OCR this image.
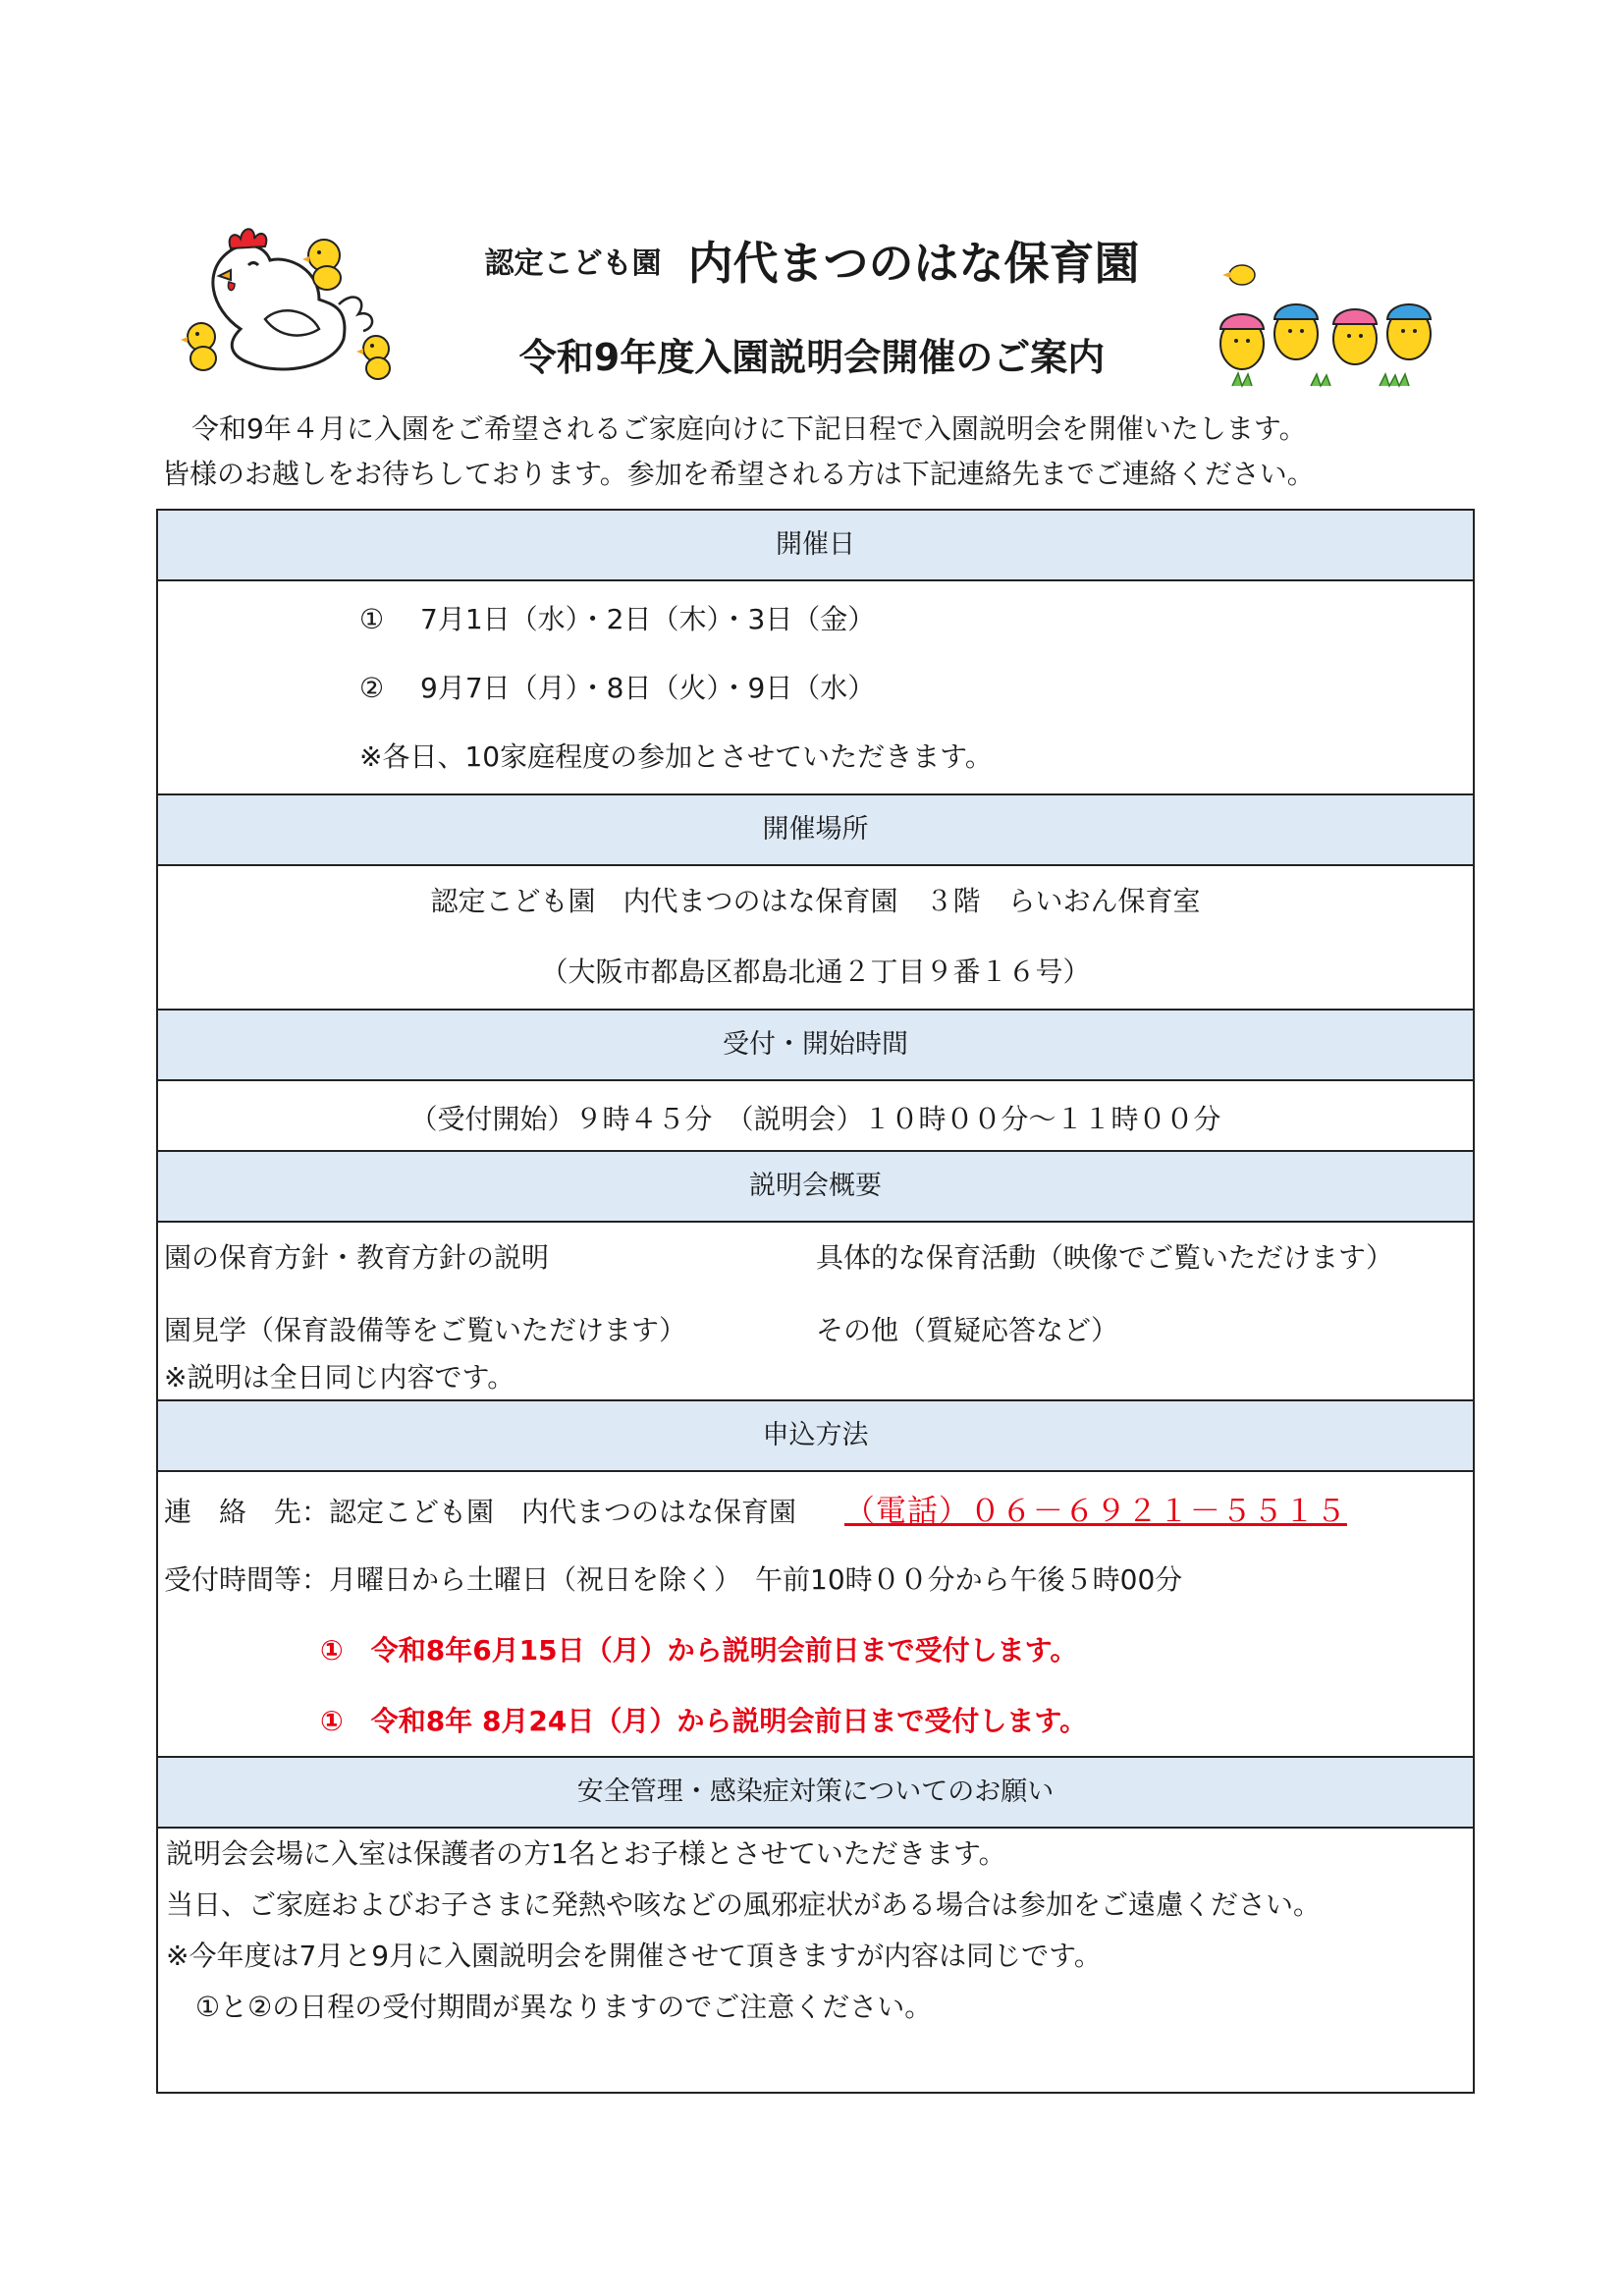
認定こども園 内代まつのはな保育園
令和9年度入園説明会開催のご案内

令和9年４月に入園をご希望されるご家庭向けに下記日程で入園説明会を開催いたします。

皆様のお越しをお待ちしております。参加を希望される方は下記連絡先までご連絡ください。

開催日
①　 7月1日（水）・2日（木）・3日（金）
②　 9月7日（月）・8日（火）・9日（水）
※各日、10家庭程度の参加とさせていただきます。
開催場所
認定こども園　内代まつのはな保育園　３階　らいおん保育室
（大阪市都島区都島北通２丁目９番１６号）
受付・開始時間
（受付開始）９時４５分　（説明会）１０時００分～１１時００分
説明会概要
園の保育方針・教育方針の説明	具体的な保育活動（映像でご覧いただけます）
園見学（保育設備等をご覧いただけます）	その他（質疑応答など）
※説明は全日同じ内容です。
申込方法
連　絡　先：認定こども園　内代まつのはな保育園 （電話）０６－６９２１－５５１５
受付時間等：月曜日から土曜日（祝日を除く）　午前10時００分から午後５時00分
①　令和8年6月15日（月）から説明会前日まで受付します。
①　令和8年 8月24日（月）から説明会前日まで受付します。
安全管理・感染症対策についてのお願い
説明会会場に入室は保護者の方1名とお子様とさせていただきます。
当日、ご家庭およびお子さまに発熱や咳などの風邪症状がある場合は参加をご遠慮ください。
※今年度は7月と9月に入園説明会を開催させて頂きますが内容は同じです。
①と②の日程の受付期間が異なりますのでご注意ください。
